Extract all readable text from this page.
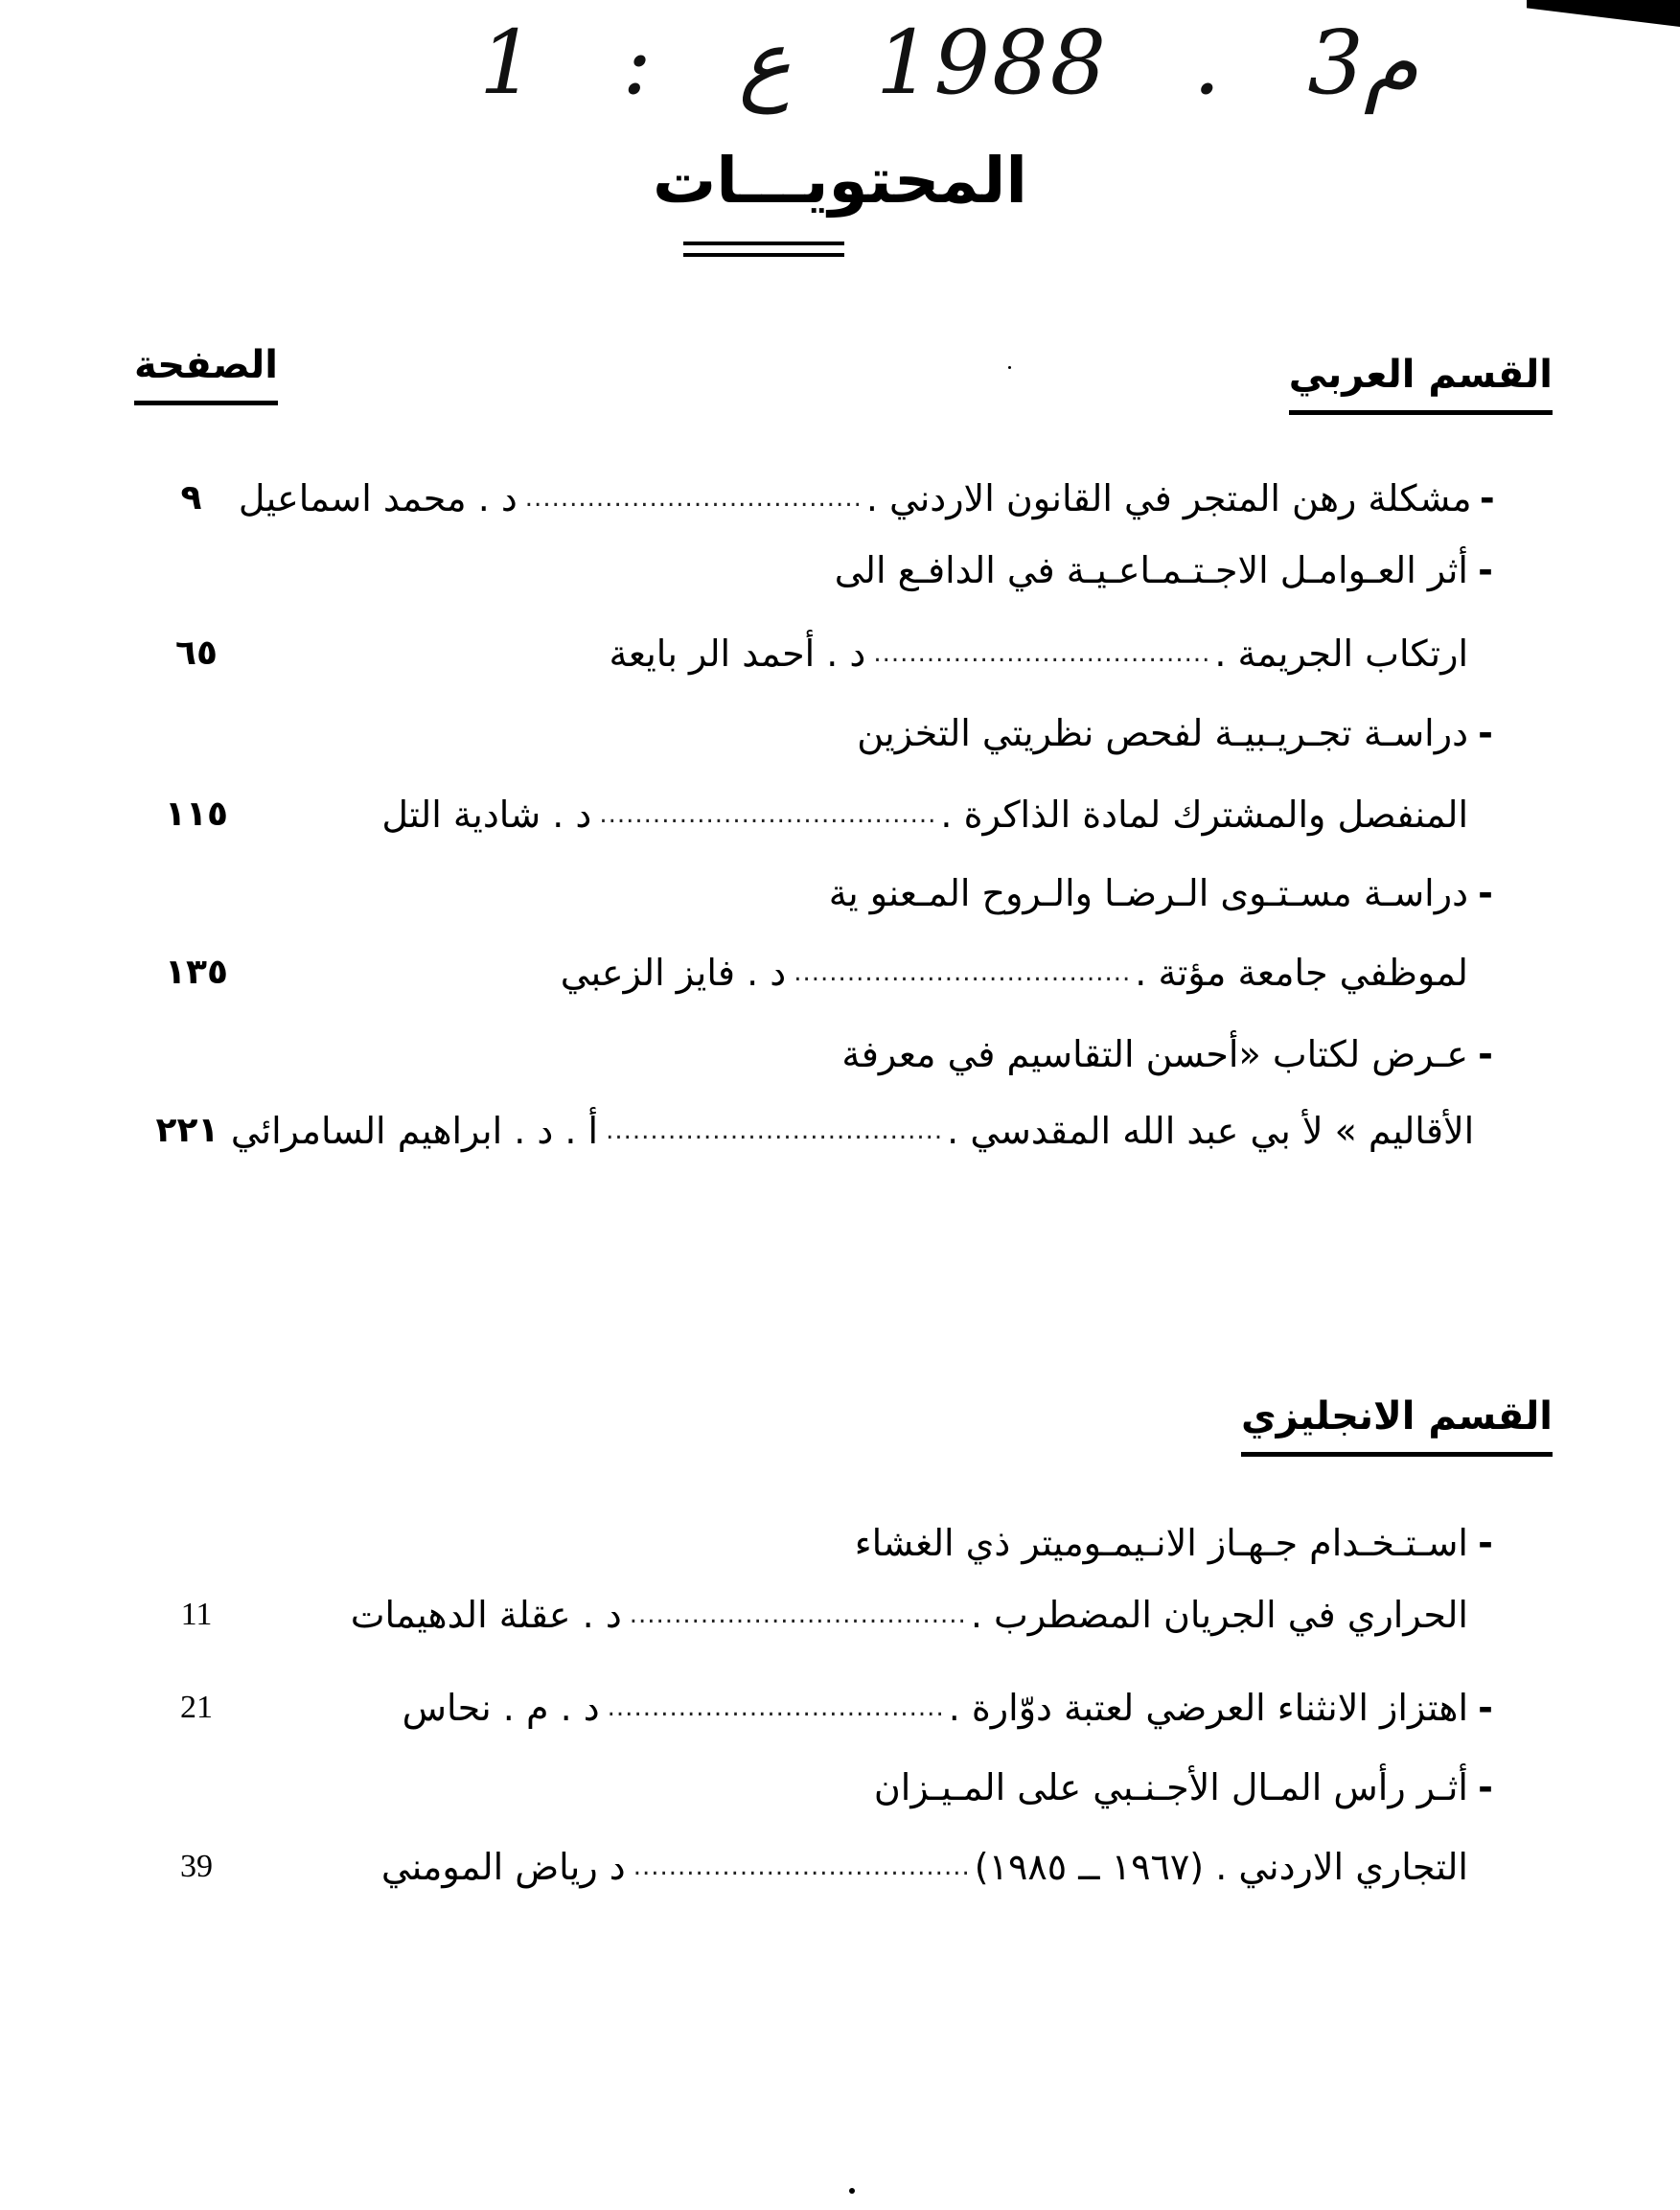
1 : ع 1988 . م3
المحتويـــات
القسم العربي
الصفحة
-
مشكلة رهن المتجر في القانون الاردني .
......................................
د . محمد اسماعيل
٩
-
أثر العـوامـل الاجـتـمـاعـيـة في الدافـع الى
ارتكاب الجريمة .
......................................
د . أحمد الر بايعة
٦٥
-
دراسـة تجـريـبيـة لفحص نظريتي التخزين
المنفصل والمشترك لمادة الذاكرة .
......................................
د . شادية التل
١١٥
-
دراسـة مسـتـوى الـرضـا والـروح المـعنو ية
لموظفي جامعة مؤتة .
......................................
د . فايز الزعبي
١٣٥
-
عـرض لكتاب «أحسن التقاسيم في معرفة
الأقاليم » لأ بي عبد الله المقدسي .
......................................
أ . د . ابراهيم السامرائي
٢٢١
القسم الانجليزي
-
اسـتـخـدام جـهـاز الانـيمـوميتر ذي الغشاء
الحراري في الجريان المضطرب .
......................................
د . عقلة الدهيمات
11
-
اهتزاز الانثناء العرضي لعتبة دوّارة .
......................................
د . م . نحاس
21
-
أثـر رأس المـال الأجـنـبي على المـيـزان
التجاري الاردني . (١٩٦٧ ــ ١٩٨٥)
......................................
د رياض المومني
39
